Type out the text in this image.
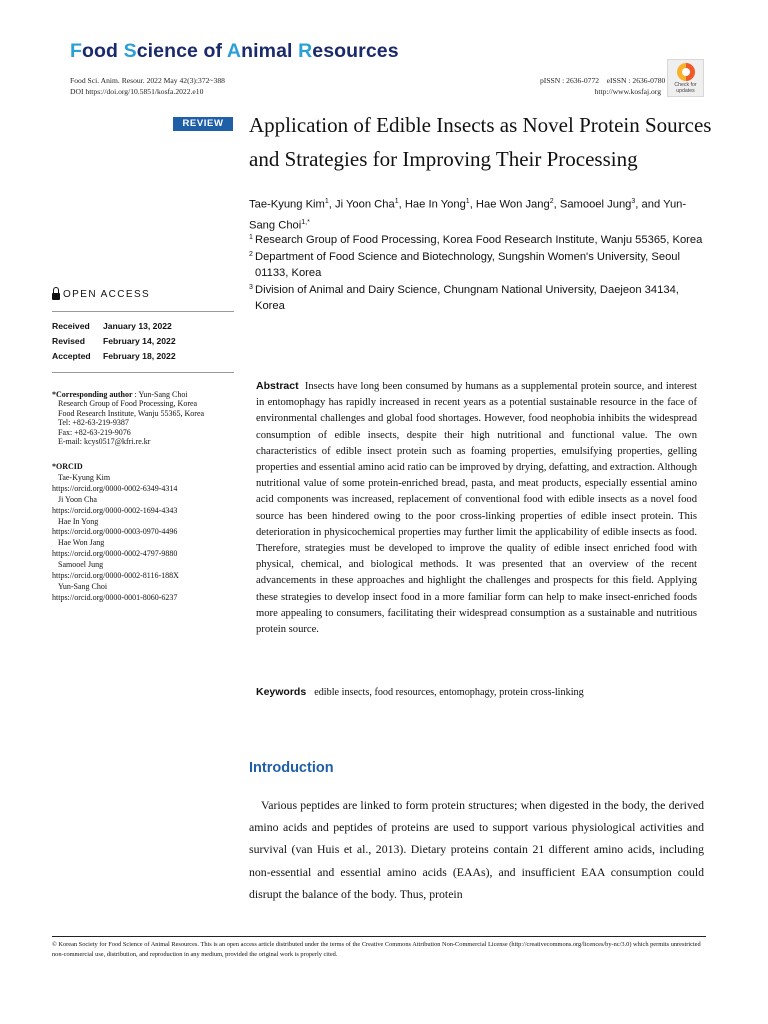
Food Science of Animal Resources
Food Sci. Anim. Resour. 2022 May 42(3):372~388
DOI https://doi.org/10.5851/kosfa.2022.e10
pISSN : 2636-0772    eISSN : 2636-0780
http://www.kosfaj.org
Check for updates
REVIEW	Application of Edible Insects as Novel Protein Sources and Strategies for Improving Their Processing
Tae-Kyung Kim$^1$, Ji Yoon Cha$^1$, Hae In Yong$^1$, Hae Won Jang$^2$, Samooel Jung$^3$, and Yun-Sang Choi$^{1,*}$
1 Research Group of Food Processing, Korea Food Research Institute, Wanju 55365, Korea
2 Department of Food Science and Biotechnology, Sungshin Women's University, Seoul 01133, Korea
3 Division of Animal and Dairy Science, Chungnam National University, Daejeon 34134, Korea
OPEN ACCESS
Received	January 13, 2022
Revised	February 14, 2022
Accepted	February 18, 2022
*Corresponding author : Yun-Sang Choi
Research Group of Food Processing, Korea
Food Research Institute, Wanju 55365, Korea
Tel: +82-63-219-9387
Fax: +82-63-219-9076
E-mail: kcys0517@kfri.re.kr
*ORCID
Tae-Kyung Kim
https://orcid.org/0000-0002-6349-4314
Ji Yoon Cha
https://orcid.org/0000-0002-1694-4343
Hae In Yong
https://orcid.org/0000-0003-0970-4496
Hae Won Jang
https://orcid.org/0000-0002-4797-9880
Samooel Jung
https://orcid.org/0000-0002-8116-188X
Yun-Sang Choi
https://orcid.org/0000-0001-8060-6237
Abstract Insects have long been consumed by humans as a supplemental protein source, and interest in entomophagy has rapidly increased in recent years as a potential sustainable resource in the face of environmental challenges and global food shortages. However, food neophobia inhibits the widespread consumption of edible insects, despite their high nutritional and functional value. The own characteristics of edible insect protein such as foaming properties, emulsifying properties, gelling properties and essential amino acid ratio can be improved by drying, defatting, and extraction. Although nutritional value of some protein-enriched bread, pasta, and meat products, especially essential amino acid components was increased, replacement of conventional food with edible insects as a novel food source has been hindered owing to the poor cross-linking properties of edible insect protein. This deterioration in physicochemical properties may further limit the applicability of edible insects as food. Therefore, strategies must be developed to improve the quality of edible insect enriched food with physical, chemical, and biological methods. It was presented that an overview of the recent advancements in these approaches and highlight the challenges and prospects for this field. Applying these strategies to develop insect food in a more familiar form can help to make insect-enriched foods more appealing to consumers, facilitating their widespread consumption as a sustainable and nutritious protein source.
Keywords edible insects, food resources, entomophagy, protein cross-linking
Introduction
Various peptides are linked to form protein structures; when digested in the body, the derived amino acids and peptides of proteins are used to support various physiological activities and survival (van Huis et al., 2013). Dietary proteins contain 21 different amino acids, including non-essential and essential amino acids (EAAs), and insufficient EAA consumption could disrupt the balance of the body. Thus, protein
© Korean Society for Food Science of Animal Resources. This is an open access article distributed under the terms of the Creative Commons Attribution Non-Commercial License (http://creativecommons.org/licences/by-nc/3.0) which permits unrestricted non-commercial use, distribution, and reproduction in any medium, provided the original work is properly cited.
